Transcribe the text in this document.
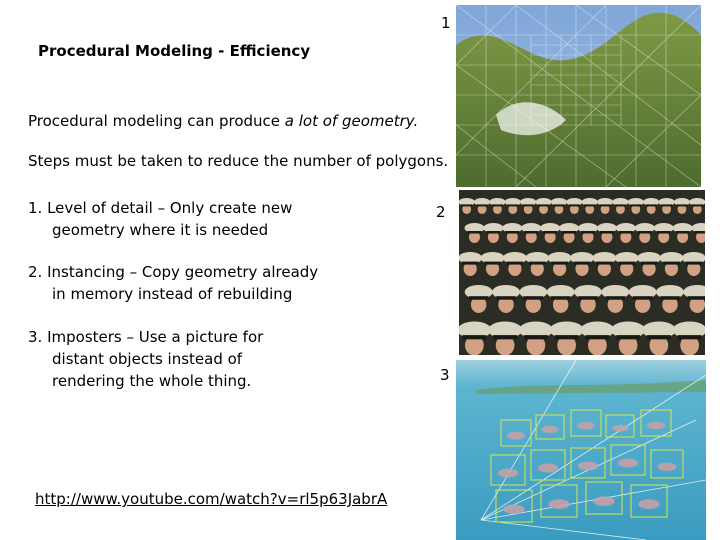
1
2
3
Procedural Modeling - Efficiency
Procedural modeling can produce a lot of geometry.
Steps must be taken to reduce the number of polygons.
1. Level of detail – Only create new
geometry where it is needed
2. Instancing – Copy geometry already
in memory instead of rebuilding
3. Imposters – Use a picture for
distant objects instead of
rendering the whole thing.
http://www.youtube.com/watch?v=rl5p63JabrA
